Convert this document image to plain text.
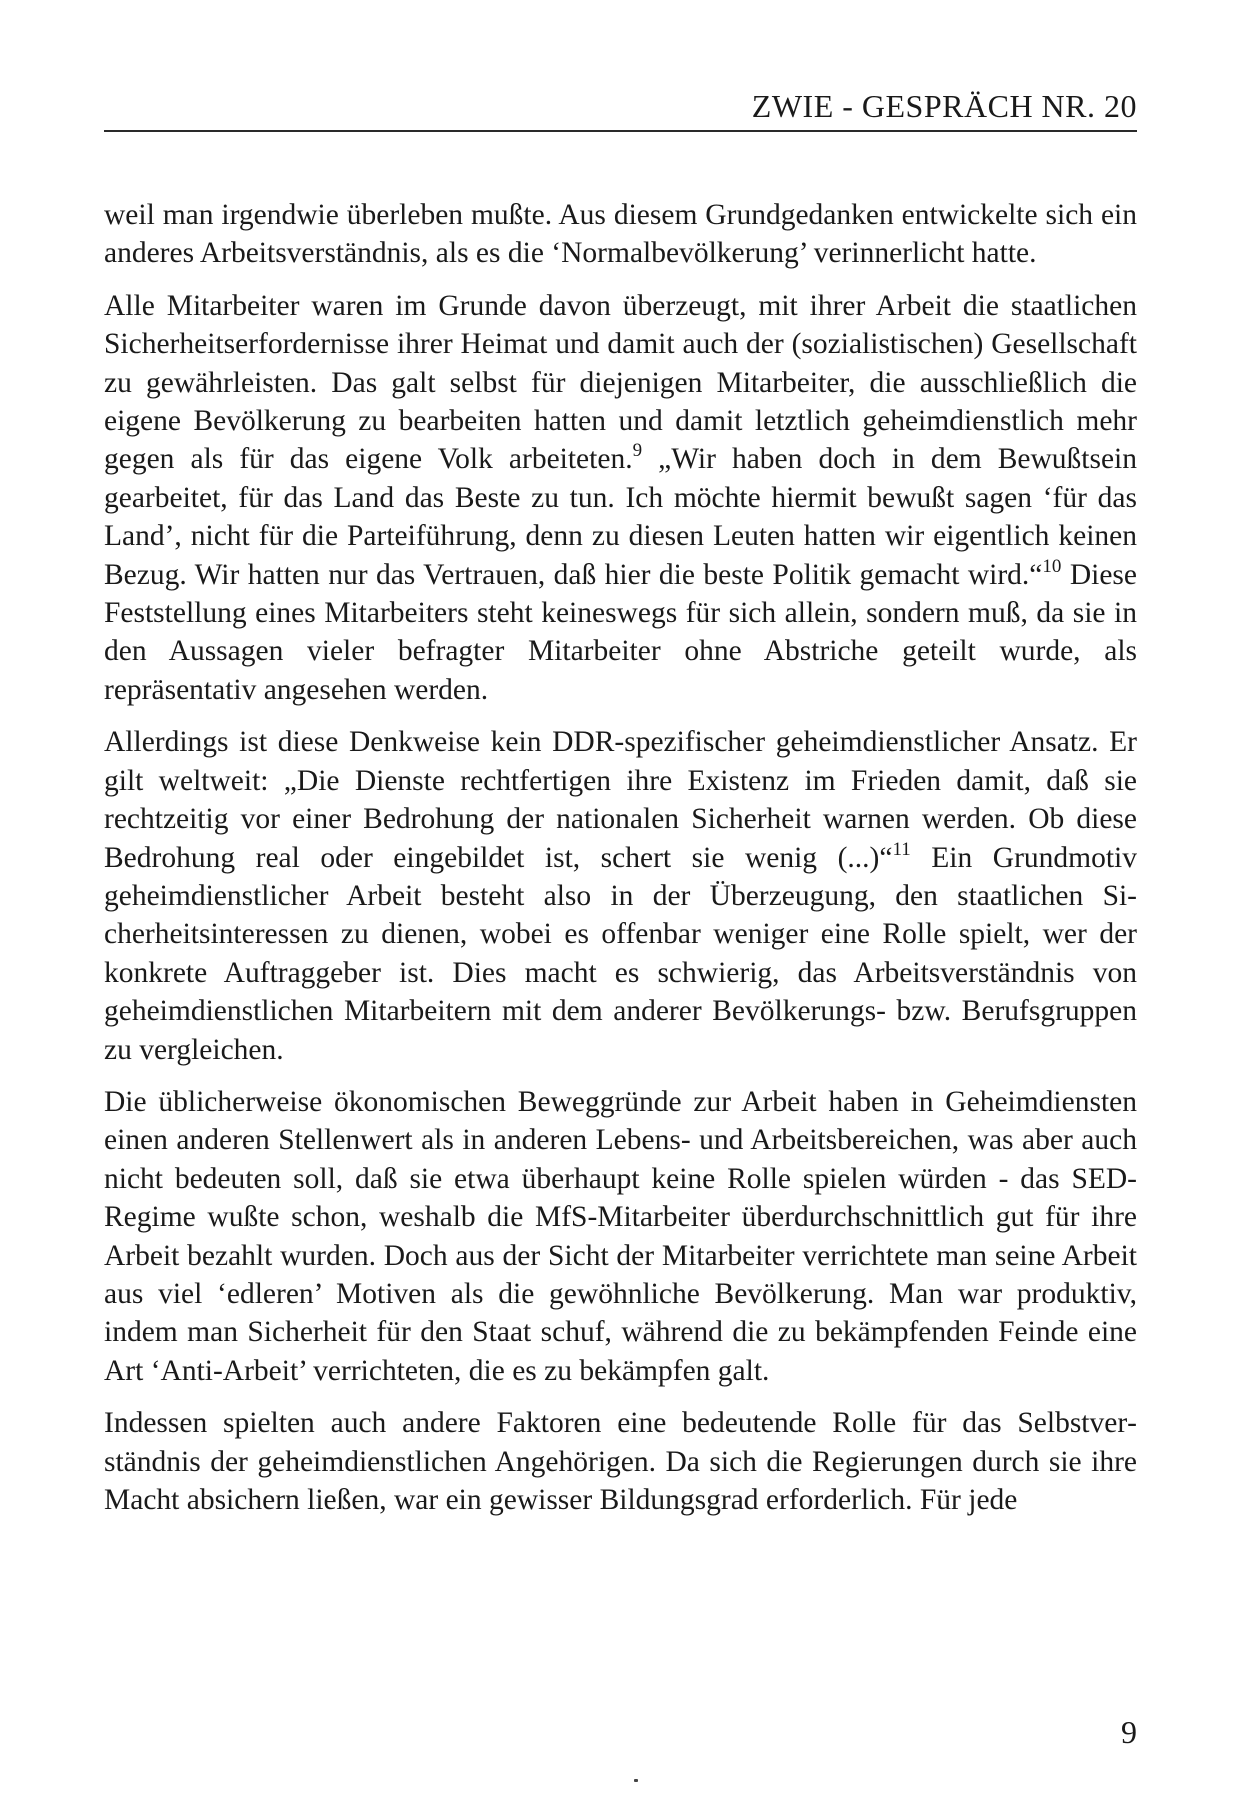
ZWIE - GESPRÄCH NR. 20

weil man irgendwie überleben mußte. Aus diesem Grundgedanken entwickelte sich ein anderes Arbeitsverständnis, als es die ‘Normalbevölkerung’ verinnerlicht hatte.

Alle Mitarbeiter waren im Grunde davon überzeugt, mit ihrer Arbeit die staatlichen Sicherheitserfordernisse ihrer Heimat und damit auch der (sozialistischen) Gesellschaft zu gewährleisten. Das galt selbst für diejenigen Mitarbeiter, die ausschließlich die eigene Bevölkerung zu bearbeiten hatten und damit letztlich geheimdienstlich mehr gegen als für das eigene Volk arbeiteten.$^9$ „Wir haben doch in dem Bewußtsein gearbeitet, für das Land das Beste zu tun. Ich möchte hiermit bewußt sagen ‘für das Land’, nicht für die Parteiführung, denn zu diesen Leuten hatten wir eigentlich keinen Bezug. Wir hatten nur das Vertrauen, daß hier die beste Politik gemacht wird.“$^{10}$ Diese Feststellung eines Mitarbeiters steht keineswegs für sich allein, sondern muß, da sie in den Aussagen vieler befragter Mitarbeiter ohne Abstriche geteilt wurde, als repräsentativ angesehen werden.

Allerdings ist diese Denkweise kein DDR-spezifischer geheimdienstlicher Ansatz. Er gilt weltweit: „Die Dienste rechtfertigen ihre Existenz im Frieden damit, daß sie rechtzeitig vor einer Bedrohung der nationalen Sicherheit warnen werden. Ob diese Bedrohung real oder eingebildet ist, schert sie wenig (...)“$^{11}$ Ein Grundmotiv geheimdienstlicher Arbeit besteht also in der Überzeugung, den staatlichen Sicherheitsinteressen zu dienen, wobei es offenbar weniger eine Rolle spielt, wer der konkrete Auftraggeber ist. Dies macht es schwierig, das Arbeitsverständnis von geheimdienstlichen Mitarbeitern mit dem anderer Bevölkerungs- bzw. Berufsgruppen zu vergleichen.

Die üblicherweise ökonomischen Beweggründe zur Arbeit haben in Geheimdiensten einen anderen Stellenwert als in anderen Lebens- und Arbeitsbereichen, was aber auch nicht bedeuten soll, daß sie etwa überhaupt keine Rolle spielen würden - das SED-Regime wußte schon, weshalb die MfS-Mitarbeiter überdurchschnittlich gut für ihre Arbeit bezahlt wurden. Doch aus der Sicht der Mitarbeiter verrichtete man seine Arbeit aus viel ‘edleren’ Motiven als die gewöhnliche Bevölkerung. Man war produktiv, indem man Sicherheit für den Staat schuf, während die zu bekämpfenden Feinde eine Art ‘Anti-Arbeit’ verrichteten, die es zu bekämpfen galt.

Indessen spielten auch andere Faktoren eine bedeutende Rolle für das Selbstverständnis der geheimdienstlichen Angehörigen. Da sich die Regierungen durch sie ihre Macht absichern ließen, war ein gewisser Bildungsgrad erforderlich. Für jede

9
